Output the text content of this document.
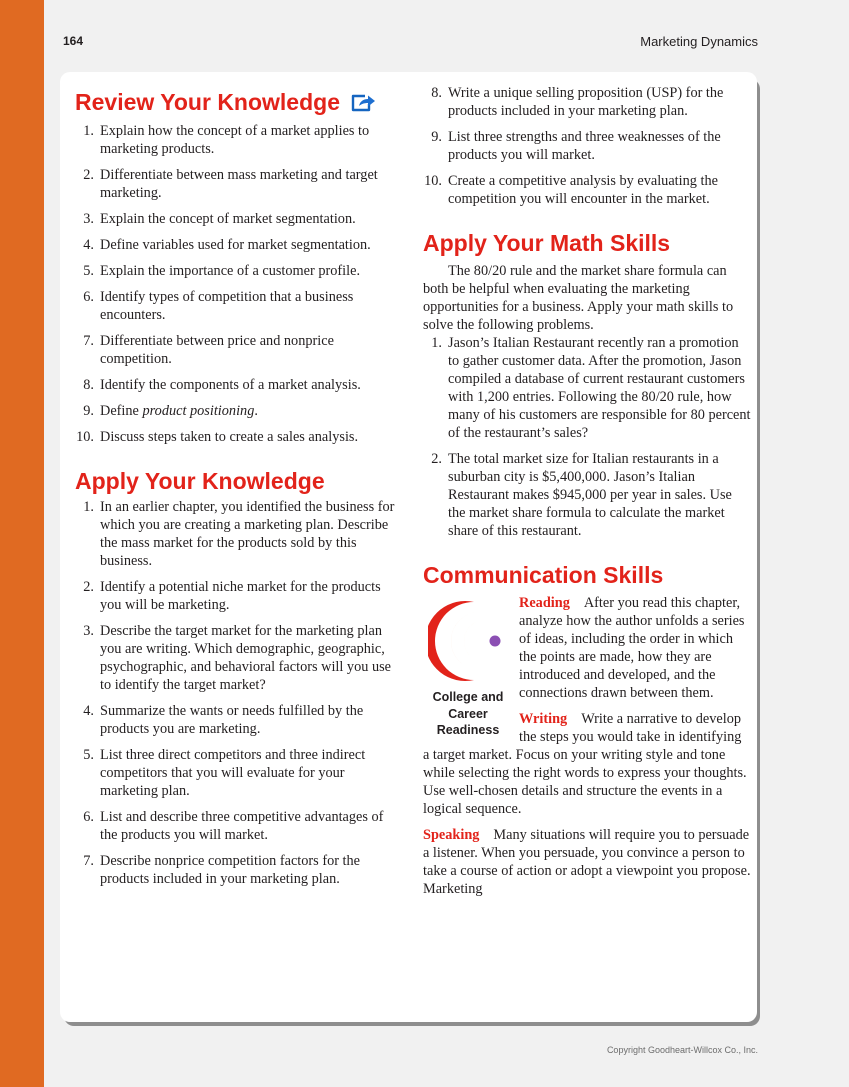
164	Marketing Dynamics
Review Your Knowledge
1. Explain how the concept of a market applies to marketing products.
2. Differentiate between mass marketing and target marketing.
3. Explain the concept of market segmentation.
4. Define variables used for market segmentation.
5. Explain the importance of a customer profile.
6. Identify types of competition that a business encounters.
7. Differentiate between price and nonprice competition.
8. Identify the components of a market analysis.
9. Define product positioning.
10. Discuss steps taken to create a sales analysis.
Apply Your Knowledge
1. In an earlier chapter, you identified the business for which you are creating a marketing plan. Describe the mass market for the products sold by this business.
2. Identify a potential niche market for the products you will be marketing.
3. Describe the target market for the marketing plan you are writing. Which demographic, geographic, psychographic, and behavioral factors will you use to identify the target market?
4. Summarize the wants or needs fulfilled by the products you are marketing.
5. List three direct competitors and three indirect competitors that you will evaluate for your marketing plan.
6. List and describe three competitive advantages of the products you will market.
7. Describe nonprice competition factors for the products included in your marketing plan.
8. Write a unique selling proposition (USP) for the products included in your marketing plan.
9. List three strengths and three weaknesses of the products you will market.
10. Create a competitive analysis by evaluating the competition you will encounter in the market.
Apply Your Math Skills

The 80/20 rule and the market share formula can both be helpful when evaluating the marketing opportunities for a business. Apply your math skills to solve the following problems.

1. Jason’s Italian Restaurant recently ran a promotion to gather customer data. After the promotion, Jason compiled a database of current restaurant customers with 1,200 entries. Following the 80/20 rule, how many of his customers are responsible for 80 percent of the restaurant’s sales?
2. The total market size for Italian restaurants in a suburban city is $5,400,000. Jason’s Italian Restaurant makes $945,000 per year in sales. Use the market share formula to calculate the market share of this restaurant.
Communication Skills
College and Career Readiness

Reading After you read this chapter, analyze how the author unfolds a series of ideas, including the order in which the points are made, how they are introduced and developed, and the connections drawn between them.

Writing Write a narrative to develop the steps you would take in identifying a target market. Focus on your writing style and tone while selecting the right words to express your thoughts. Use well-chosen details and structure the events in a logical sequence.

Speaking Many situations will require you to persuade a listener. When you persuade, you convince a person to take a course of action or adopt a viewpoint you propose. Marketing

Copyright Goodheart-Willcox Co., Inc.
